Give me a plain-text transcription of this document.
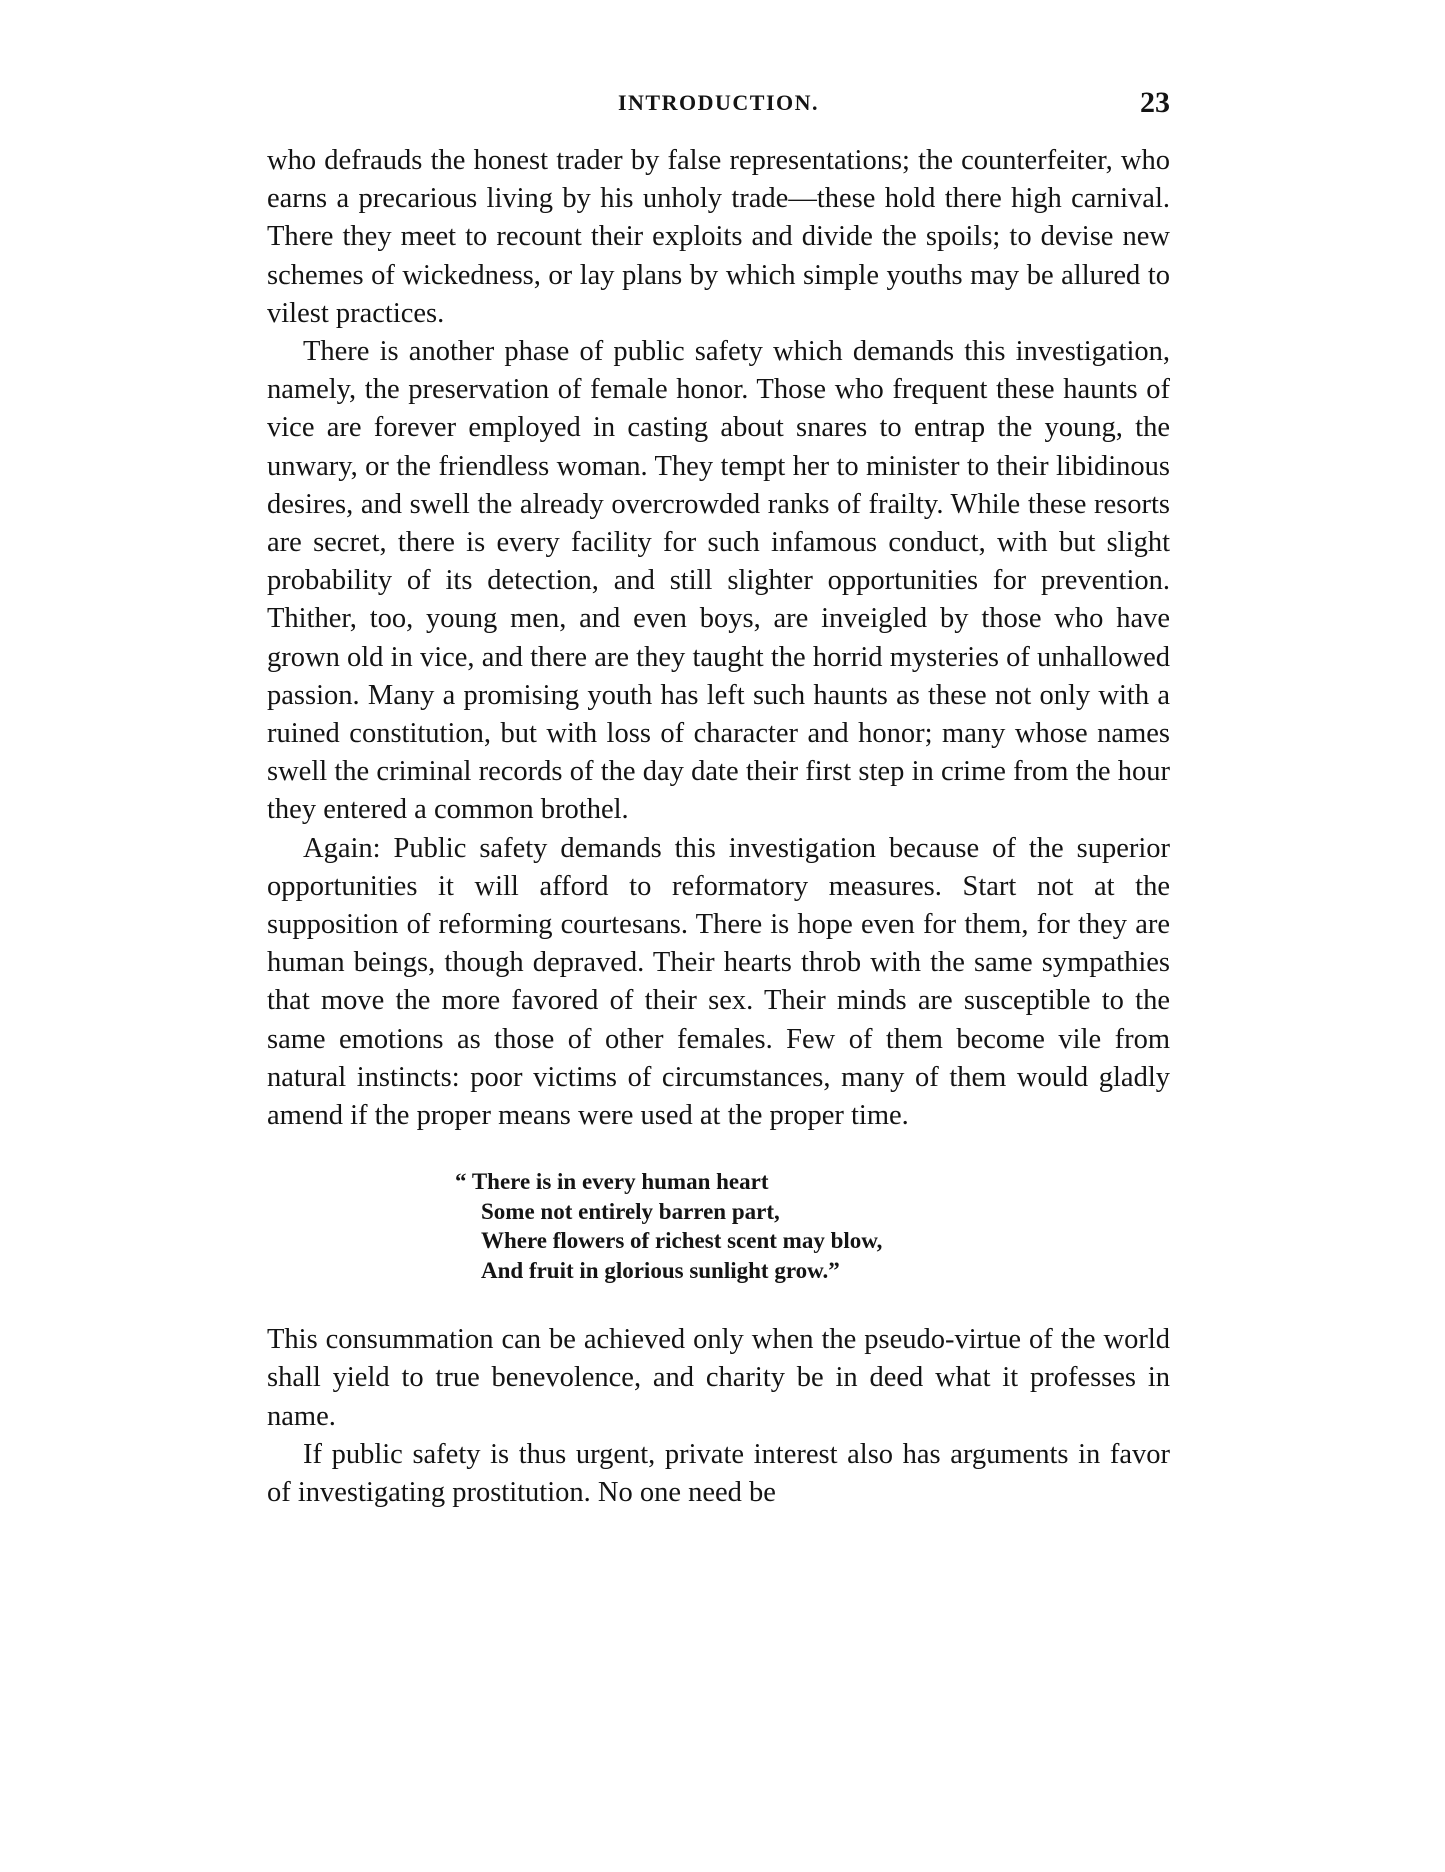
INTRODUCTION.	23

who defrauds the honest trader by false representations; the counterfeiter, who earns a precarious living by his unholy trade—these hold there high carnival. There they meet to recount their exploits and divide the spoils; to devise new schemes of wickedness, or lay plans by which simple youths may be allured to vilest practices.

There is another phase of public safety which demands this investigation, namely, the preservation of female honor. Those who frequent these haunts of vice are forever employed in casting about snares to entrap the young, the unwary, or the friendless woman. They tempt her to minister to their libidinous desires, and swell the already overcrowded ranks of frailty. While these resorts are secret, there is every facility for such infamous conduct, with but slight probability of its detection, and still slighter opportunities for prevention. Thither, too, young men, and even boys, are inveigled by those who have grown old in vice, and there are they taught the horrid mysteries of unhallowed passion. Many a promising youth has left such haunts as these not only with a ruined constitution, but with loss of character and honor; many whose names swell the criminal records of the day date their first step in crime from the hour they entered a common brothel.

Again: Public safety demands this investigation because of the superior opportunities it will afford to reformatory measures. Start not at the supposition of reforming courtesans. There is hope even for them, for they are human beings, though depraved. Their hearts throb with the same sympathies that move the more favored of their sex. Their minds are susceptible to the same emotions as those of other females. Few of them become vile from natural instincts: poor victims of circumstances, many of them would gladly amend if the proper means were used at the proper time.

“ There is in every human heart
Some not entirely barren part,
Where flowers of richest scent may blow,
And fruit in glorious sunlight grow.”

This consummation can be achieved only when the pseudo-virtue of the world shall yield to true benevolence, and charity be in deed what it professes in name.

If public safety is thus urgent, private interest also has arguments in favor of investigating prostitution. No one need be
